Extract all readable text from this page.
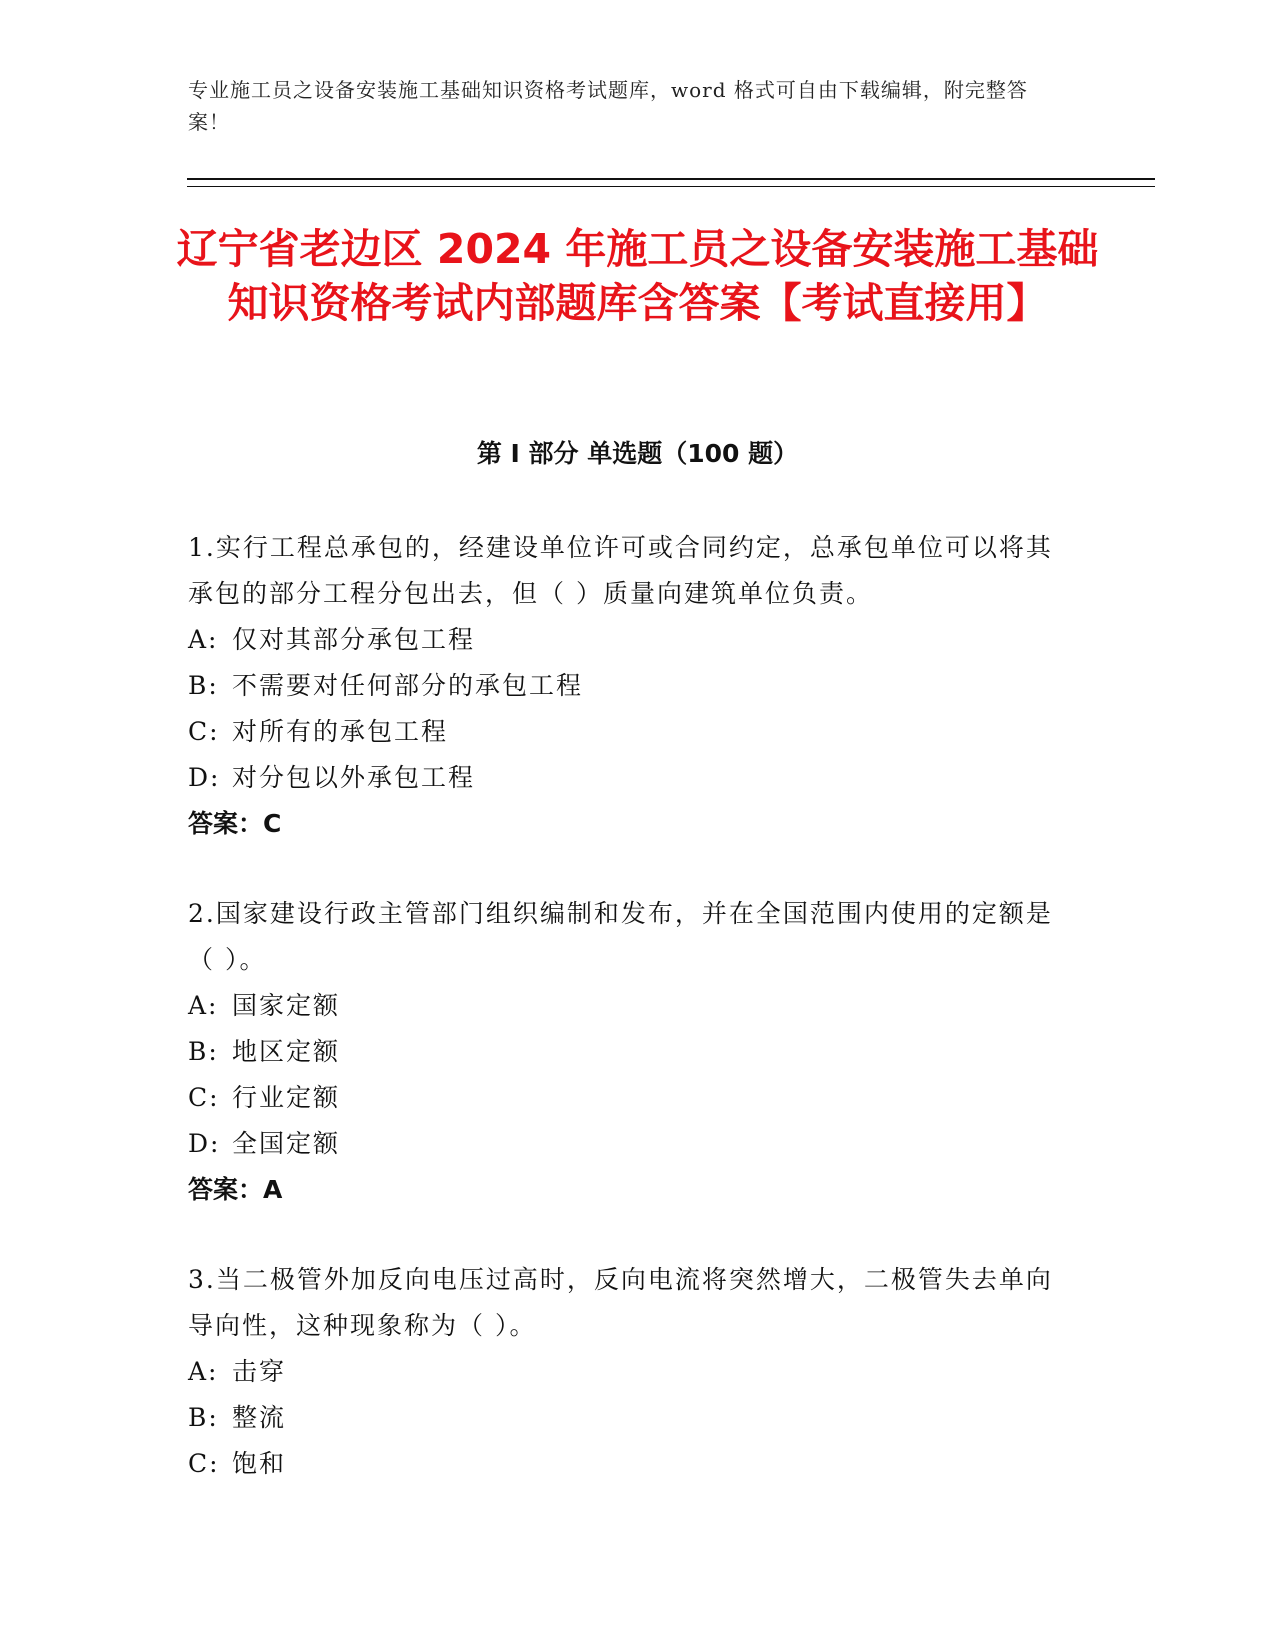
专业施工员之设备安装施工基础知识资格考试题库，word 格式可自由下载编辑，附完整答案！
辽宁省老边区 2024 年施工员之设备安装施工基础知识资格考试内部题库含答案【考试直接用】
第 I 部分 单选题（100 题）

1.实行工程总承包的，经建设单位许可或合同约定，总承包单位可以将其承包的部分工程分包出去，但（ ）质量向建筑单位负责。

A: 仅对其部分承包工程
B: 不需要对任何部分的承包工程
C: 对所有的承包工程
D: 对分包以外承包工程
答案：C

2.国家建设行政主管部门组织编制和发布，并在全国范围内使用的定额是（ ）。

A: 国家定额
B: 地区定额
C: 行业定额
D: 全国定额
答案：A

3.当二极管外加反向电压过高时，反向电流将突然增大，二极管失去单向导向性，这种现象称为（ ）。

A: 击穿
B: 整流
C: 饱和
